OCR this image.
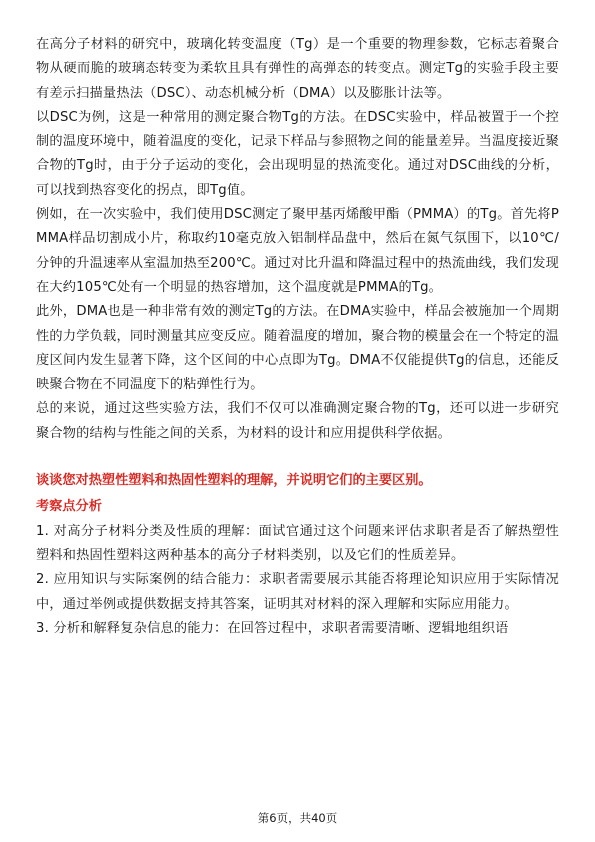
在高分子材料的研究中，玻璃化转变温度（Tg）是一个重要的物理参数，它标志着聚合物从硬而脆的玻璃态转变为柔软且具有弹性的高弹态的转变点。测定Tg的实验手段主要有差示扫描量热法（DSC）、动态机械分析（DMA）以及膨胀计法等。

以DSC为例，这是一种常用的测定聚合物Tg的方法。在DSC实验中，样品被置于一个控制的温度环境中，随着温度的变化，记录下样品与参照物之间的能量差异。当温度接近聚合物的Tg时，由于分子运动的变化，会出现明显的热流变化。通过对DSC曲线的分析，可以找到热容变化的拐点，即Tg值。

例如，在一次实验中，我们使用DSC测定了聚甲基丙烯酸甲酯（PMMA）的Tg。首先将PMMA样品切割成小片，称取约10毫克放入铝制样品盘中，然后在氮气氛围下，以10℃/分钟的升温速率从室温加热至200℃。通过对比升温和降温过程中的热流曲线，我们发现在大约105℃处有一个明显的热容增加，这个温度就是PMMA的Tg。

此外，DMA也是一种非常有效的测定Tg的方法。在DMA实验中，样品会被施加一个周期性的力学负载，同时测量其应变反应。随着温度的增加，聚合物的模量会在一个特定的温度区间内发生显著下降，这个区间的中心点即为Tg。DMA不仅能提供Tg的信息，还能反映聚合物在不同温度下的粘弹性行为。

总的来说，通过这些实验方法，我们不仅可以准确测定聚合物的Tg，还可以进一步研究聚合物的结构与性能之间的关系，为材料的设计和应用提供科学依据。

谈谈您对热塑性塑料和热固性塑料的理解，并说明它们的主要区别。

考察点分析

1. 对高分子材料分类及性质的理解：面试官通过这个问题来评估求职者是否了解热塑性塑料和热固性塑料这两种基本的高分子材料类别，以及它们的性质差异。

2. 应用知识与实际案例的结合能力：求职者需要展示其能否将理论知识应用于实际情况中，通过举例或提供数据支持其答案，证明其对材料的深入理解和实际应用能力。

3. 分析和解释复杂信息的能力：在回答过程中，求职者需要清晰、逻辑地组织语

第6页，共40页
